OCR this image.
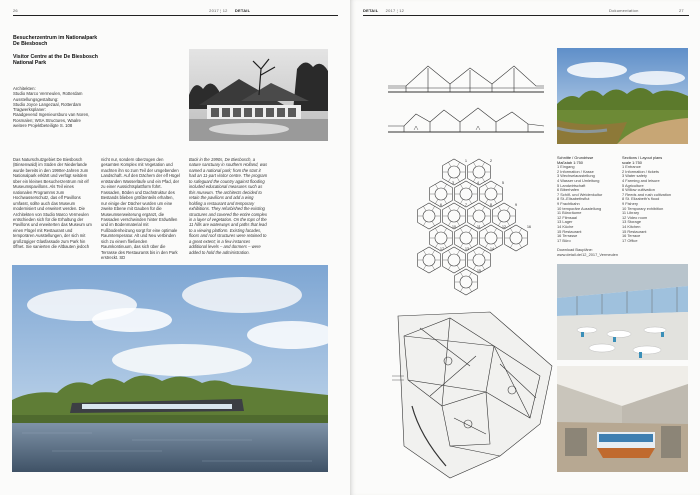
26	2017 ¦ 12 DETAIL
Besucherzentrum im Nationalpark
De Biesbosch
Visitor Centre at the De Biesbosch
National Park
Architekten:
Studio Marco Vermeulen, Rotterdam
Ausstellungsgestaltung:
Studio Joyce Langezaal, Rotterdam
Tragwerksplaner:
Raadgevend Ingenieursburo van Noren,
Rosmalen; WSA Structures, Waalre
weitere Projektbeteiligte S. 108
Das Naturschutzgebiet De Biesbosch (Binsenwald) im Süden der Niederlande wurde bereits in den 1990er-Jahren zum Nationalpark erklärt und verfügt seitdem über ein kleines Besucherzentrum mit elf Museumspavillons. Als Teil eines nationalen Programms zum Hochwasserschutz, das elf Pavillons umfasst, sollte auch das Museum modernisiert und erweitert werden. Die Architekten von Studio Marco Vermeulen entschieden sich für die Erhaltung der Pavillons und erweiterten das Museum um einen Flügel mit Restaurant und temporären Ausstellungen, der sich mit großzügiger Glasfassade zum Park hin öffnet. Sie sanierten die Altbauten jedoch
nicht nur, sondern überzogen den gesamten Komplex mit Vegetation und machten ihn so zum Teil der umgebenden Landschaft. Auf den Dächern der elf Hügel entstanden Wasserläufe und ein Pfad, der zu einer Aussichtsplattform führt. Fassaden, Böden und Dachstruktur des Bestands blieben größtenteils erhalten, nur einige der Dächer wurden um eine zweite Ebene mit Gauben für die Museumserweiterung ergänzt, die Fassaden verschwinden hinter Erdwällen und im Bodenmaterial mit Fußbodenheizung sorgt für eine optimale Raumtemperatur. Alt und Neu verbinden sich zu einem fließenden Raumkontinuum, das sich über die Terrasse des Restaurants bis in den Park erstreckt. SD
Back in the 1990s, De Biesbosch, a nature sanctuary in southern Holland, was named a national park; from the start it had an 11-part visitor centre. The program to safeguard the country against flooding included educational measures such as this museum. The architects decided to retain the pavilions and add a wing holding a restaurant and temporary exhibitions. They refurbished the existing structures and covered the entire complex in a layer of vegetation. On the tops of the 11 hills are waterways and paths that lead to a viewing platform. Existing facades, floors and roof structures were retained to a great extent; in a few instances additional levels – and dormers – were added to hold the administration.
DETAIL 2017 ¦ 12	Dokumentation	27
Schnitte / Grundrisse
Maßstab 1:750
1 Eingang
2 Information / Kasse
3 Wechselausstellung
4 Wasser und Umleitung
5 Landwirtschaft
6 Biberhafen
7 Schilf- und Weidenkultur
8 St.-Elisabethsflut
9 Frachtkahn
10 temporäre Ausstellung
11 Büroräume
12 Filmsaal
13 Lager
14 Küche
15 Restaurant
16 Terrasse
17 Büro
Sections / Layout plans
scale 1:750
1 Entrance
2 Information / tickets
3 Water safety
4 Farming and leisure
5 Agriculture
6 Willow cultivation
7 Reeds and rush cultivation
8 St. Elizabeth's flood
9 Fishery
10 Temporary exhibition
11 Library
12 Video room
13 Storage
14 Kitchen
15 Restaurant
16 Terrace
17 Office
Download Baupläne:
www.detail.de/12_2017_Vermeulen
1	2
3	4	5
6	7	8	9
10	11	12
13	14
15
16
17
